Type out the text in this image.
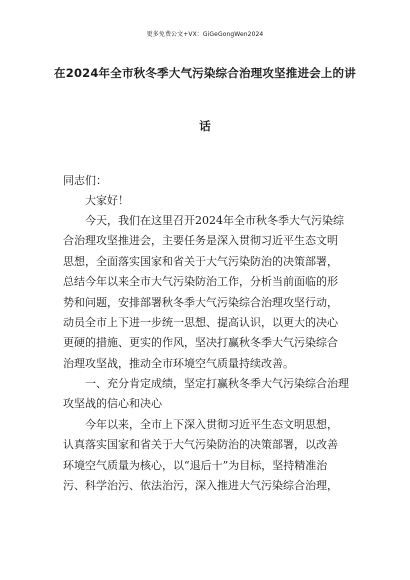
更多免费公文+VX：GiGeGongWen2024
在2024年全市秋冬季大气污染综合治理攻坚推进会上的讲
话
同志们：
大家好！
今天，我们在这里召开2024年全市秋冬季大气污染综
合治理攻坚推进会，主要任务是深入贯彻习近平生态文明
思想，全面落实国家和省关于大气污染防治的决策部署，
总结今年以来全市大气污染防治工作，分析当前面临的形
势和问题，安排部署秋冬季大气污染综合治理攻坚行动，
动员全市上下进一步统一思想、提高认识，以更大的决心
更硬的措施、更实的作风，坚决打赢秋冬季大气污染综合
治理攻坚战，推动全市环境空气质量持续改善。
一、充分肯定成绩，坚定打赢秋冬季大气污染综合治理
攻坚战的信心和决心
今年以来，全市上下深入贯彻习近平生态文明思想，
认真落实国家和省关于大气污染防治的决策部署，以改善
环境空气质量为核心，以“退后十”为目标，坚持精准治
污、科学治污、依法治污，深入推进大气污染综合治理，
